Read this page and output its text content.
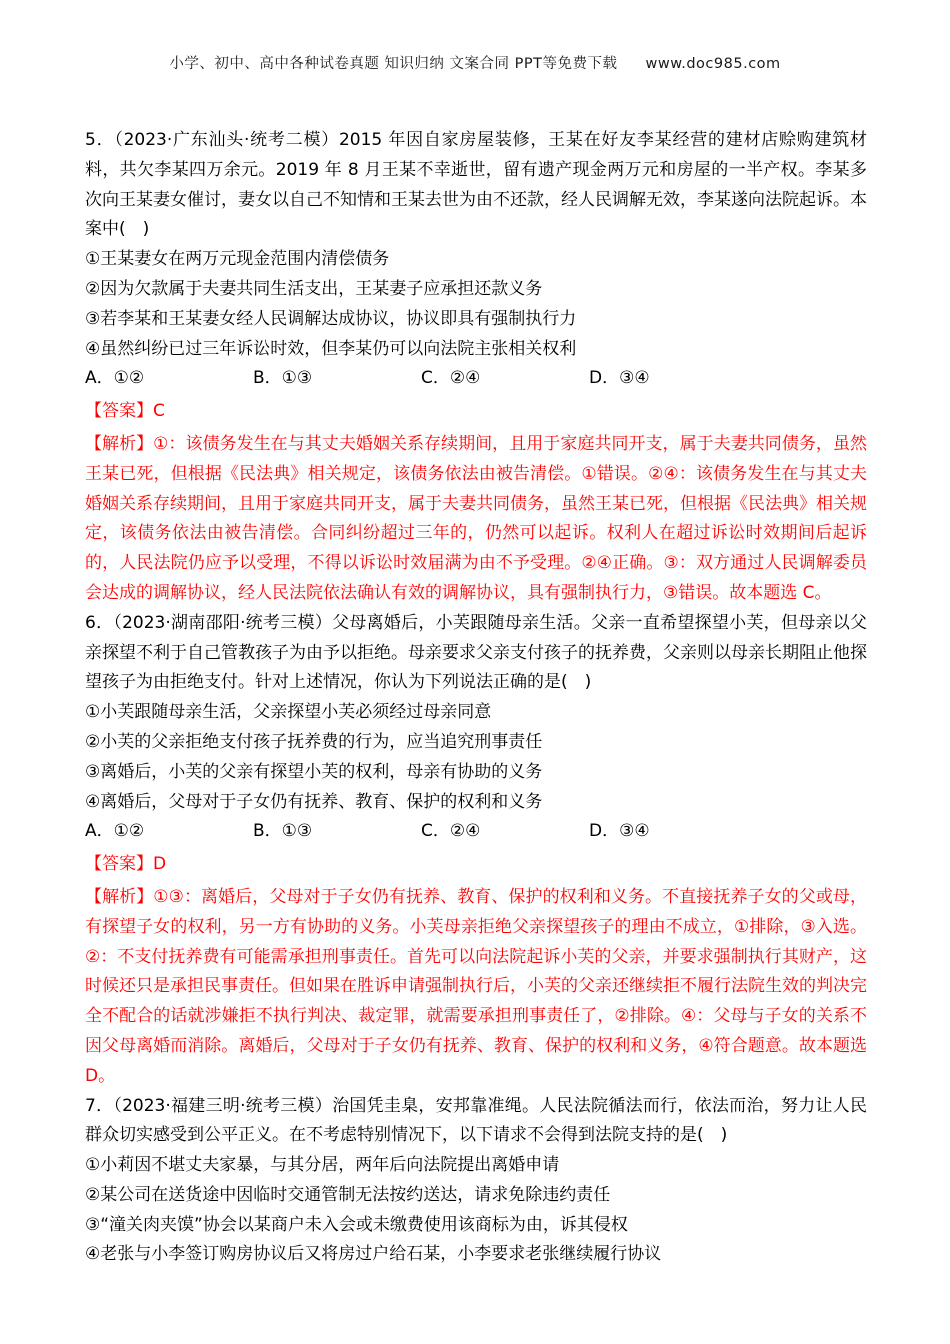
小学、初中、高中各种试卷真题 知识归纳 文案合同 PPT等免费下载 www.doc985.com

5．（2023·广东汕头·统考二模）2015 年因自家房屋装修，王某在好友李某经营的建材店赊购建筑材料，共欠李某四万余元。2019 年 8 月王某不幸逝世，留有遗产现金两万元和房屋的一半产权。李某多次向王某妻女催讨，妻女以自己不知情和王某去世为由不还款，经人民调解无效，李某遂向法院起诉。本案中(　)

①王某妻女在两万元现金范围内清偿债务

②因为欠款属于夫妻共同生活支出，王某妻子应承担还款义务

③若李某和王某妻女经人民调解达成协议，协议即具有强制执行力

④虽然纠纷已过三年诉讼时效，但李某仍可以向法院主张相关权利

A．①②	B．①③	C．②④	D．③④

【答案】C

【解析】①：该债务发生在与其丈夫婚姻关系存续期间，且用于家庭共同开支，属于夫妻共同债务，虽然王某已死，但根据《民法典》相关规定，该债务依法由被告清偿。①错误。②④：该债务发生在与其丈夫婚姻关系存续期间，且用于家庭共同开支，属于夫妻共同债务，虽然王某已死，但根据《民法典》相关规定，该债务依法由被告清偿。合同纠纷超过三年的，仍然可以起诉。权利人在超过诉讼时效期间后起诉的，人民法院仍应予以受理，不得以诉讼时效届满为由不予受理。②④正确。③：双方通过人民调解委员会达成的调解协议，经人民法院依法确认有效的调解协议，具有强制执行力，③错误。故本题选 C。

6．（2023·湖南邵阳·统考三模）父母离婚后，小芙跟随母亲生活。父亲一直希望探望小芙，但母亲以父亲探望不利于自己管教孩子为由予以拒绝。母亲要求父亲支付孩子的抚养费，父亲则以母亲长期阻止他探望孩子为由拒绝支付。针对上述情况，你认为下列说法正确的是(　)

①小芙跟随母亲生活，父亲探望小芙必须经过母亲同意

②小芙的父亲拒绝支付孩子抚养费的行为，应当追究刑事责任

③离婚后，小芙的父亲有探望小芙的权利，母亲有协助的义务

④离婚后，父母对于子女仍有抚养、教育、保护的权利和义务

A．①②	B．①③	C．②④	D．③④

【答案】D

【解析】①③：离婚后，父母对于子女仍有抚养、教育、保护的权利和义务。不直接抚养子女的父或母，有探望子女的权利，另一方有协助的义务。小芙母亲拒绝父亲探望孩子的理由不成立，①排除，③入选。②：不支付抚养费有可能需承担刑事责任。首先可以向法院起诉小芙的父亲，并要求强制执行其财产，这时候还只是承担民事责任。但如果在胜诉申请强制执行后，小芙的父亲还继续拒不履行法院生效的判决完全不配合的话就涉嫌拒不执行判决、裁定罪，就需要承担刑事责任了，②排除。④：父母与子女的关系不因父母离婚而消除。离婚后，父母对于子女仍有抚养、教育、保护的权利和义务，④符合题意。故本题选D。

7．（2023·福建三明·统考三模）治国凭圭臬，安邦靠准绳。人民法院循法而行，依法而治，努力让人民群众切实感受到公平正义。在不考虑特别情况下，以下请求不会得到法院支持的是(　)

①小莉因不堪丈夫家暴，与其分居，两年后向法院提出离婚申请

②某公司在送货途中因临时交通管制无法按约送达，请求免除违约责任

③“潼关肉夹馍”协会以某商户未入会或未缴费使用该商标为由，诉其侵权

④老张与小李签订购房协议后又将房过户给石某，小李要求老张继续履行协议
